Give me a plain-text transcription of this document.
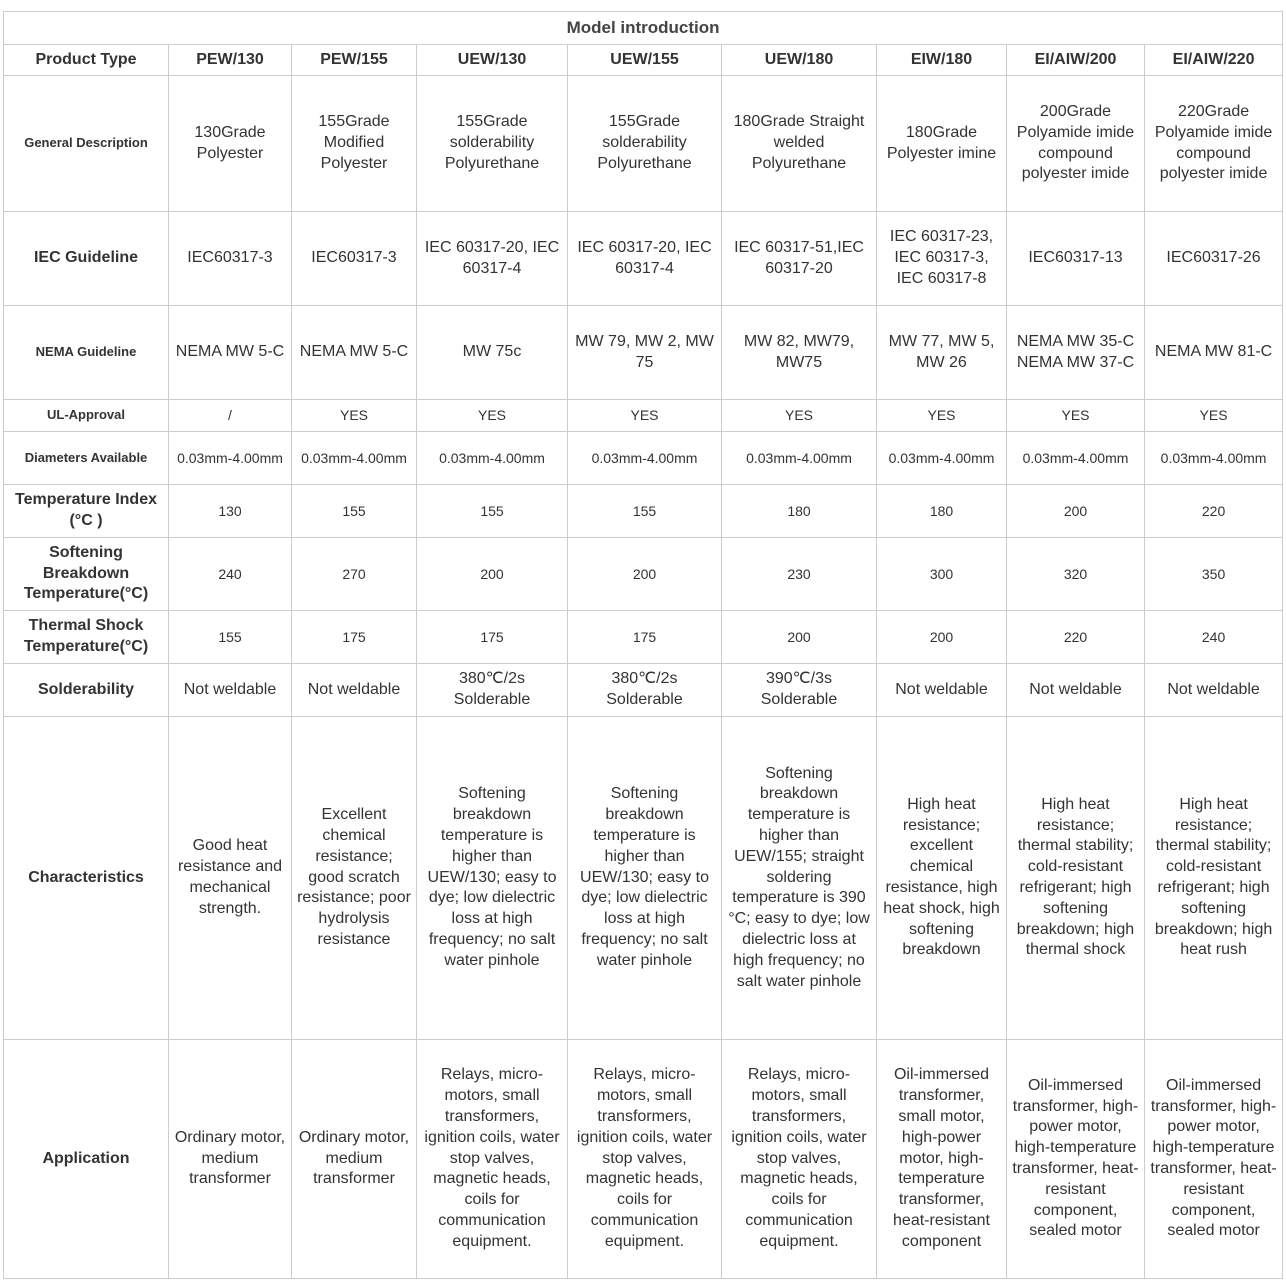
Model introduction								
Product Type	PEW/130	PEW/155	UEW/130	UEW/155	UEW/180	EIW/180	EI/AIW/200	EI/AIW/220
General Description	130Grade Polyester	155Grade Modified Polyester	155Grade solderability Polyurethane	155Grade solderability Polyurethane	180Grade Straight welded Polyurethane	180Grade Polyester imine	200Grade Polyamide imide compound polyester imide	220Grade Polyamide imide compound polyester imide
IEC Guideline	IEC60317-3	IEC60317-3	IEC 60317-20, IEC 60317-4	IEC 60317-20, IEC 60317-4	IEC 60317-51,IEC 60317-20	IEC 60317-23, IEC 60317-3, IEC 60317-8	IEC60317-13	IEC60317-26
NEMA Guideline	NEMA MW 5-C	NEMA MW 5-C	MW 75c	MW 79, MW 2, MW 75	MW 82, MW79, MW75	MW 77, MW 5, MW 26	NEMA MW 35-C NEMA MW 37-C	NEMA MW 81-C
UL-Approval	/	YES	YES	YES	YES	YES	YES	YES
Diameters Available	0.03mm-4.00mm	0.03mm-4.00mm	0.03mm-4.00mm	0.03mm-4.00mm	0.03mm-4.00mm	0.03mm-4.00mm	0.03mm-4.00mm	0.03mm-4.00mm
Temperature Index (°C )	130	155	155	155	180	180	200	220
Softening Breakdown Temperature(°C)	240	270	200	200	230	300	320	350
Thermal Shock Temperature(°C)	155	175	175	175	200	200	220	240
Solderability	Not weldable	Not weldable	380℃/2s Solderable	380℃/2s Solderable	390℃/3s Solderable	Not weldable	Not weldable	Not weldable
Characteristics	Good heat resistance and mechanical strength.	Excellent chemical resistance; good scratch resistance; poor hydrolysis resistance	Softening breakdown temperature is higher than UEW/130; easy to dye; low dielectric loss at high frequency; no salt water pinhole	Softening breakdown temperature is higher than UEW/130; easy to dye; low dielectric loss at high frequency; no salt water pinhole	Softening breakdown temperature is higher than UEW/155; straight soldering temperature is 390 °C; easy to dye; low dielectric loss at high frequency; no salt water pinhole	High heat resistance; excellent chemical resistance, high heat shock, high softening breakdown	High heat resistance; thermal stability; cold-resistant refrigerant; high softening breakdown; high thermal shock	High heat resistance; thermal stability; cold-resistant refrigerant; high softening breakdown; high heat rush
Application	Ordinary motor, medium transformer	Ordinary motor, medium transformer	Relays, micro-motors, small transformers, ignition coils, water stop valves, magnetic heads, coils for communication equipment.	Relays, micro-motors, small transformers, ignition coils, water stop valves, magnetic heads, coils for communication equipment.	Relays, micro-motors, small transformers, ignition coils, water stop valves, magnetic heads, coils for communication equipment.	Oil-immersed transformer, small motor, high-power motor, high-temperature transformer, heat-resistant component	Oil-immersed transformer, high-power motor, high-temperature transformer, heat-resistant component, sealed motor	Oil-immersed transformer, high-power motor, high-temperature transformer, heat-resistant component, sealed motor
